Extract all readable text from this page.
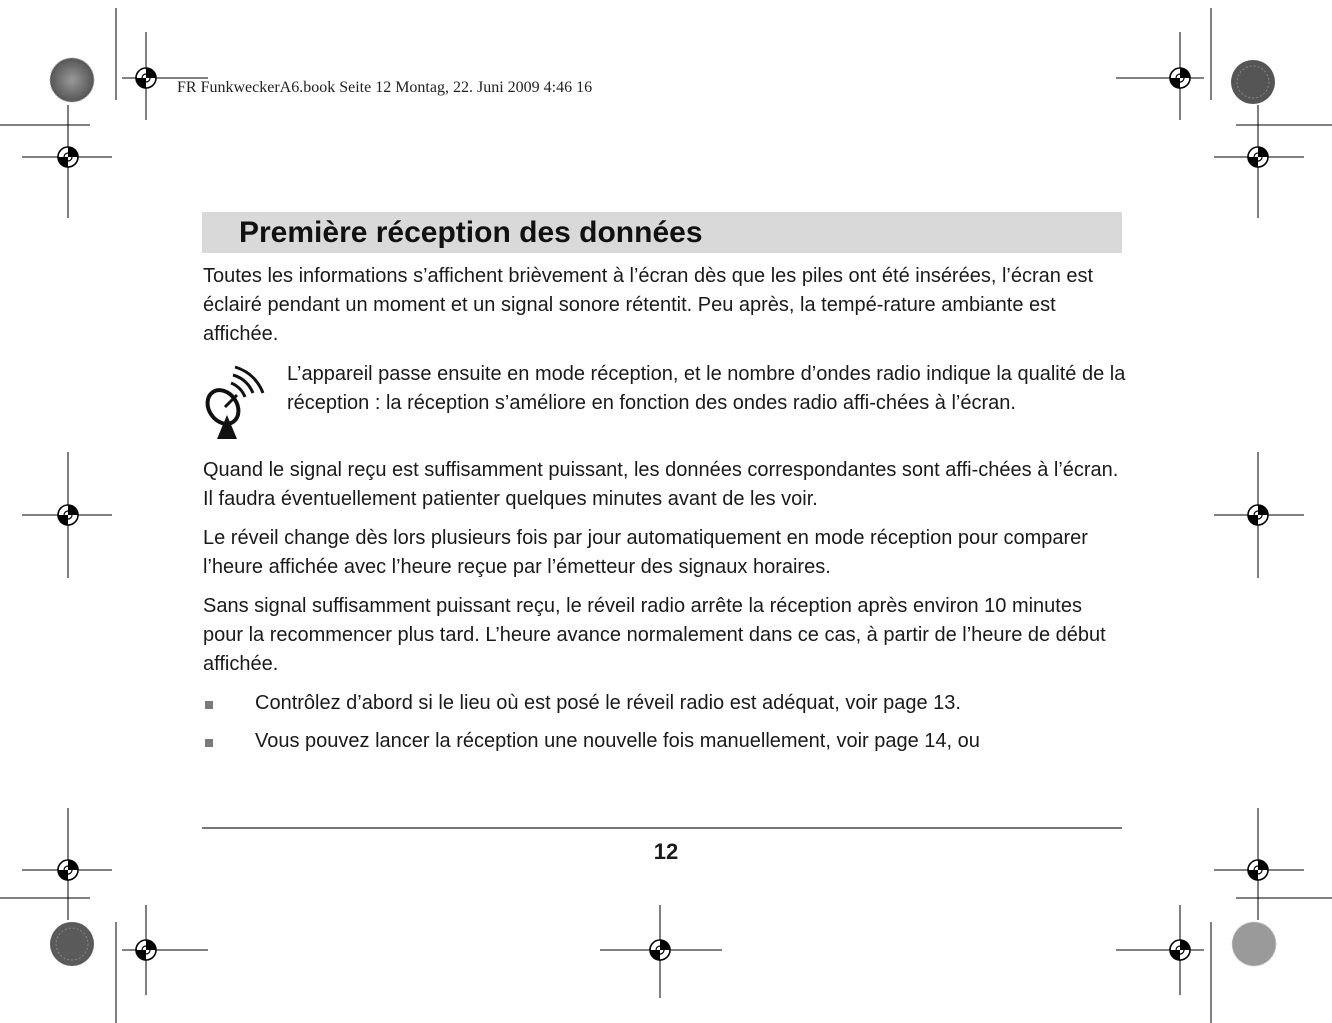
FR FunkweckerA6.book Seite 12 Montag, 22. Juni 2009 4:46 16
Première réception des données

Toutes les informations s’affichent brièvement à l’écran dès que les piles ont été insérées, l’écran est éclairé pendant un moment et un signal sonore rétentit. Peu après, la tempé-rature ambiante est affichée.

L’appareil passe ensuite en mode réception, et le nombre d’ondes radio indique la qualité de la réception : la réception s’améliore en fonction des ondes radio affi-chées à l’écran.

Quand le signal reçu est suffisamment puissant, les données correspondantes sont affi-chées à l’écran. Il faudra éventuellement patienter quelques minutes avant de les voir.

Le réveil change dès lors plusieurs fois par jour automatiquement en mode réception pour comparer l’heure affichée avec l’heure reçue par l’émetteur des signaux horaires.

Sans signal suffisamment puissant reçu, le réveil radio arrête la réception après environ 10 minutes pour la recommencer plus tard. L’heure avance normalement dans ce cas, à partir de l’heure de début affichée.

Contrôlez d’abord si le lieu où est posé le réveil radio est adéquat, voir page 13.
Vous pouvez lancer la réception une nouvelle fois manuellement, voir page 14, ou
12
